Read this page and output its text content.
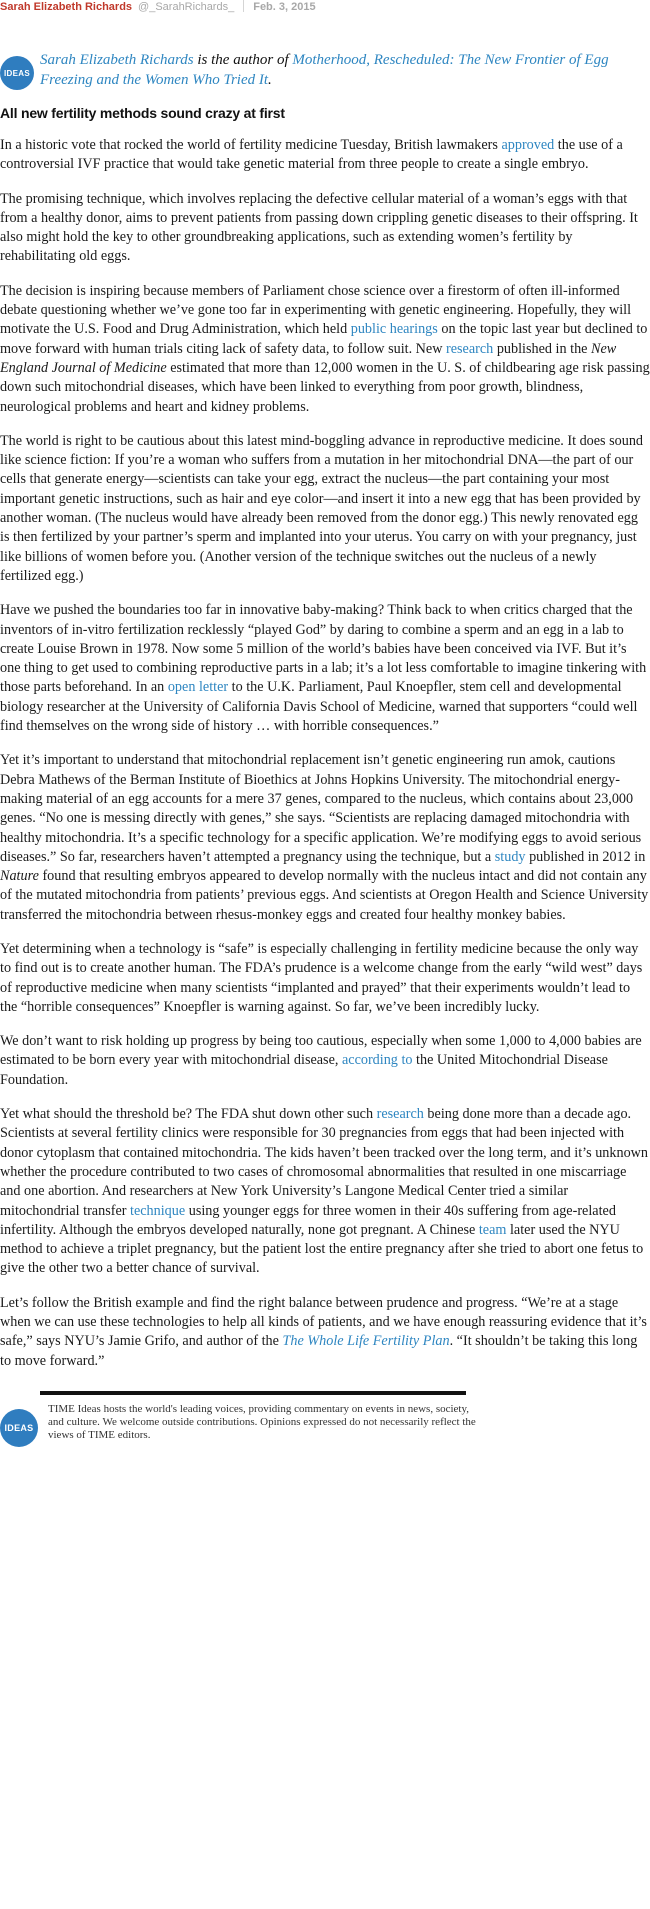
Sarah Elizabeth Richards @_SarahRichards_ Feb. 3, 2015
IDEAS
Sarah Elizabeth Richards is the author of Motherhood, Rescheduled: The New Frontier of Egg Freezing and the Women Who Tried It.
All new fertility methods sound crazy at first

In a historic vote that rocked the world of fertility medicine Tuesday, British lawmakers approved the use of a controversial IVF practice that would take genetic material from three people to create a single embryo.

The promising technique, which involves replacing the defective cellular material of a woman’s eggs with that from a healthy donor, aims to prevent patients from passing down crippling genetic diseases to their offspring. It also might hold the key to other groundbreaking applications, such as extending women’s fertility by rehabilitating old eggs.

The decision is inspiring because members of Parliament chose science over a firestorm of often ill-informed debate questioning whether we’ve gone too far in experimenting with genetic engineering. Hopefully, they will motivate the U.S. Food and Drug Administration, which held public hearings on the topic last year but declined to move forward with human trials citing lack of safety data, to follow suit. New research published in the New England Journal of Medicine estimated that more than 12,000 women in the U. S. of childbearing age risk passing down such mitochondrial diseases, which have been linked to everything from poor growth, blindness, neurological problems and heart and kidney problems.

The world is right to be cautious about this latest mind-boggling advance in reproductive medicine. It does sound like science fiction: If you’re a woman who suffers from a mutation in her mitochondrial DNA—the part of our cells that generate energy—scientists can take your egg, extract the nucleus—the part containing your most important genetic instructions, such as hair and eye color—and insert it into a new egg that has been provided by another woman. (The nucleus would have already been removed from the donor egg.) This newly renovated egg is then fertilized by your partner’s sperm and implanted into your uterus. You carry on with your pregnancy, just like billions of women before you. (Another version of the technique switches out the nucleus of a newly fertilized egg.)

Have we pushed the boundaries too far in innovative baby-making? Think back to when critics charged that the inventors of in-vitro fertilization recklessly “played God” by daring to combine a sperm and an egg in a lab to create Louise Brown in 1978. Now some 5 million of the world’s babies have been conceived via IVF. But it’s one thing to get used to combining reproductive parts in a lab; it’s a lot less comfortable to imagine tinkering with those parts beforehand. In an open letter to the U.K. Parliament, Paul Knoepfler, stem cell and developmental biology researcher at the University of California Davis School of Medicine, warned that supporters “could well find themselves on the wrong side of history … with horrible consequences.”

Yet it’s important to understand that mitochondrial replacement isn’t genetic engineering run amok, cautions Debra Mathews of the Berman Institute of Bioethics at Johns Hopkins University. The mitochondrial energy-making material of an egg accounts for a mere 37 genes, compared to the nucleus, which contains about 23,000 genes. “No one is messing directly with genes,” she says. “Scientists are replacing damaged mitochondria with healthy mitochondria. It’s a specific technology for a specific application. We’re modifying eggs to avoid serious diseases.” So far, researchers haven’t attempted a pregnancy using the technique, but a study published in 2012 in Nature found that resulting embryos appeared to develop normally with the nucleus intact and did not contain any of the mutated mitochondria from patients’ previous eggs. And scientists at Oregon Health and Science University transferred the mitochondria between rhesus-monkey eggs and created four healthy monkey babies.

Yet determining when a technology is “safe” is especially challenging in fertility medicine because the only way to find out is to create another human. The FDA’s prudence is a welcome change from the early “wild west” days of reproductive medicine when many scientists “implanted and prayed” that their experiments wouldn’t lead to the “horrible consequences” Knoepfler is warning against. So far, we’ve been incredibly lucky.

We don’t want to risk holding up progress by being too cautious, especially when some 1,000 to 4,000 babies are estimated to be born every year with mitochondrial disease, according to the United Mitochondrial Disease Foundation.

Yet what should the threshold be? The FDA shut down other such research being done more than a decade ago. Scientists at several fertility clinics were responsible for 30 pregnancies from eggs that had been injected with donor cytoplasm that contained mitochondria. The kids haven’t been tracked over the long term, and it’s unknown whether the procedure contributed to two cases of chromosomal abnormalities that resulted in one miscarriage and one abortion. And researchers at New York University’s Langone Medical Center tried a similar mitochondrial transfer technique using younger eggs for three women in their 40s suffering from age-related infertility. Although the embryos developed naturally, none got pregnant. A Chinese team later used the NYU method to achieve a triplet pregnancy, but the patient lost the entire pregnancy after she tried to abort one fetus to give the other two a better chance of survival.

Let’s follow the British example and find the right balance between prudence and progress. “We’re at a stage when we can use these technologies to help all kinds of patients, and we have enough reassuring evidence that it’s safe,” says NYU’s Jamie Grifo, and author of the The Whole Life Fertility Plan. “It shouldn’t be taking this long to move forward.”

IDEAS
TIME Ideas hosts the world's leading voices, providing commentary on events in news, society, and culture. We welcome outside contributions. Opinions expressed do not necessarily reflect the views of TIME editors.
